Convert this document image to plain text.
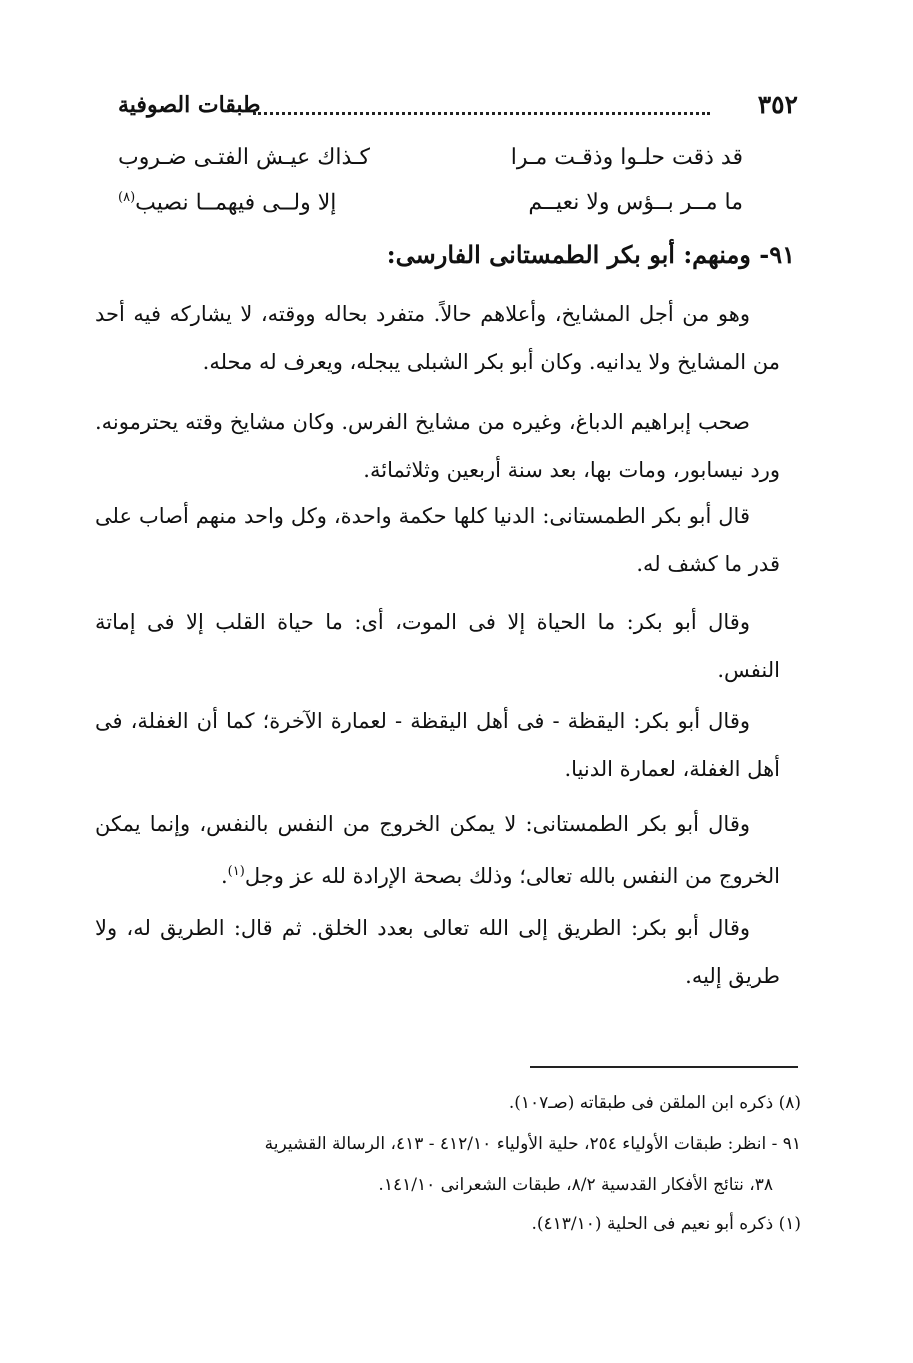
٣٥٢
طبقات الصوفية
قد ذقت حلـوا وذقـت مـرا
كـذاك عيـش الفتـى ضـروب
ما مــر بــؤس ولا نعيــم
إلا ولــى فيهمــا نصيب$^{(٨)}$
٩١- ومنهم: أبو بكر الطمستانى الفارسى:

وهو من أجل المشايخ، وأعلاهم حالاً. متفرد بحاله ووقته، لا يشاركه فيه أحد من المشايخ ولا يدانيه. وكان أبو بكر الشبلى يبجله، ويعرف له محله.

صحب إبراهيم الدباغ، وغيره من مشايخ الفرس. وكان مشايخ وقته يحترمونه. ورد نيسابور، ومات بها، بعد سنة أربعين وثلاثمائة.

قال أبو بكر الطمستانى: الدنيا كلها حكمة واحدة، وكل واحد منهم أصاب على قدر ما كشف له.

وقال أبو بكر: ما الحياة إلا فى الموت، أى: ما حياة القلب إلا فى إماتة النفس.

وقال أبو بكر: اليقظة - فى أهل اليقظة - لعمارة الآخرة؛ كما أن الغفلة، فى أهل الغفلة، لعمارة الدنيا.

وقال أبو بكر الطمستانى: لا يمكن الخروج من النفس بالنفس، وإنما يمكن الخروج من النفس بالله تعالى؛ وذلك بصحة الإرادة لله عز وجل$^{(١)}$.

وقال أبو بكر: الطريق إلى الله تعالى بعدد الخلق. ثم قال: الطريق له، ولا طريق إليه.

(٨) ذكره ابن الملقن فى طبقاته (صـ١٠٧).
٩١ - انظر: طبقات الأولياء ٢٥٤، حلية الأولياء ٤١٢/١٠ - ٤١٣، الرسالة القشيرية
٣٨، نتائج الأفكار القدسية ٨/٢، طبقات الشعرانى ١٤١/١٠.
(١) ذكره أبو نعيم فى الحلية (٤١٣/١٠).
